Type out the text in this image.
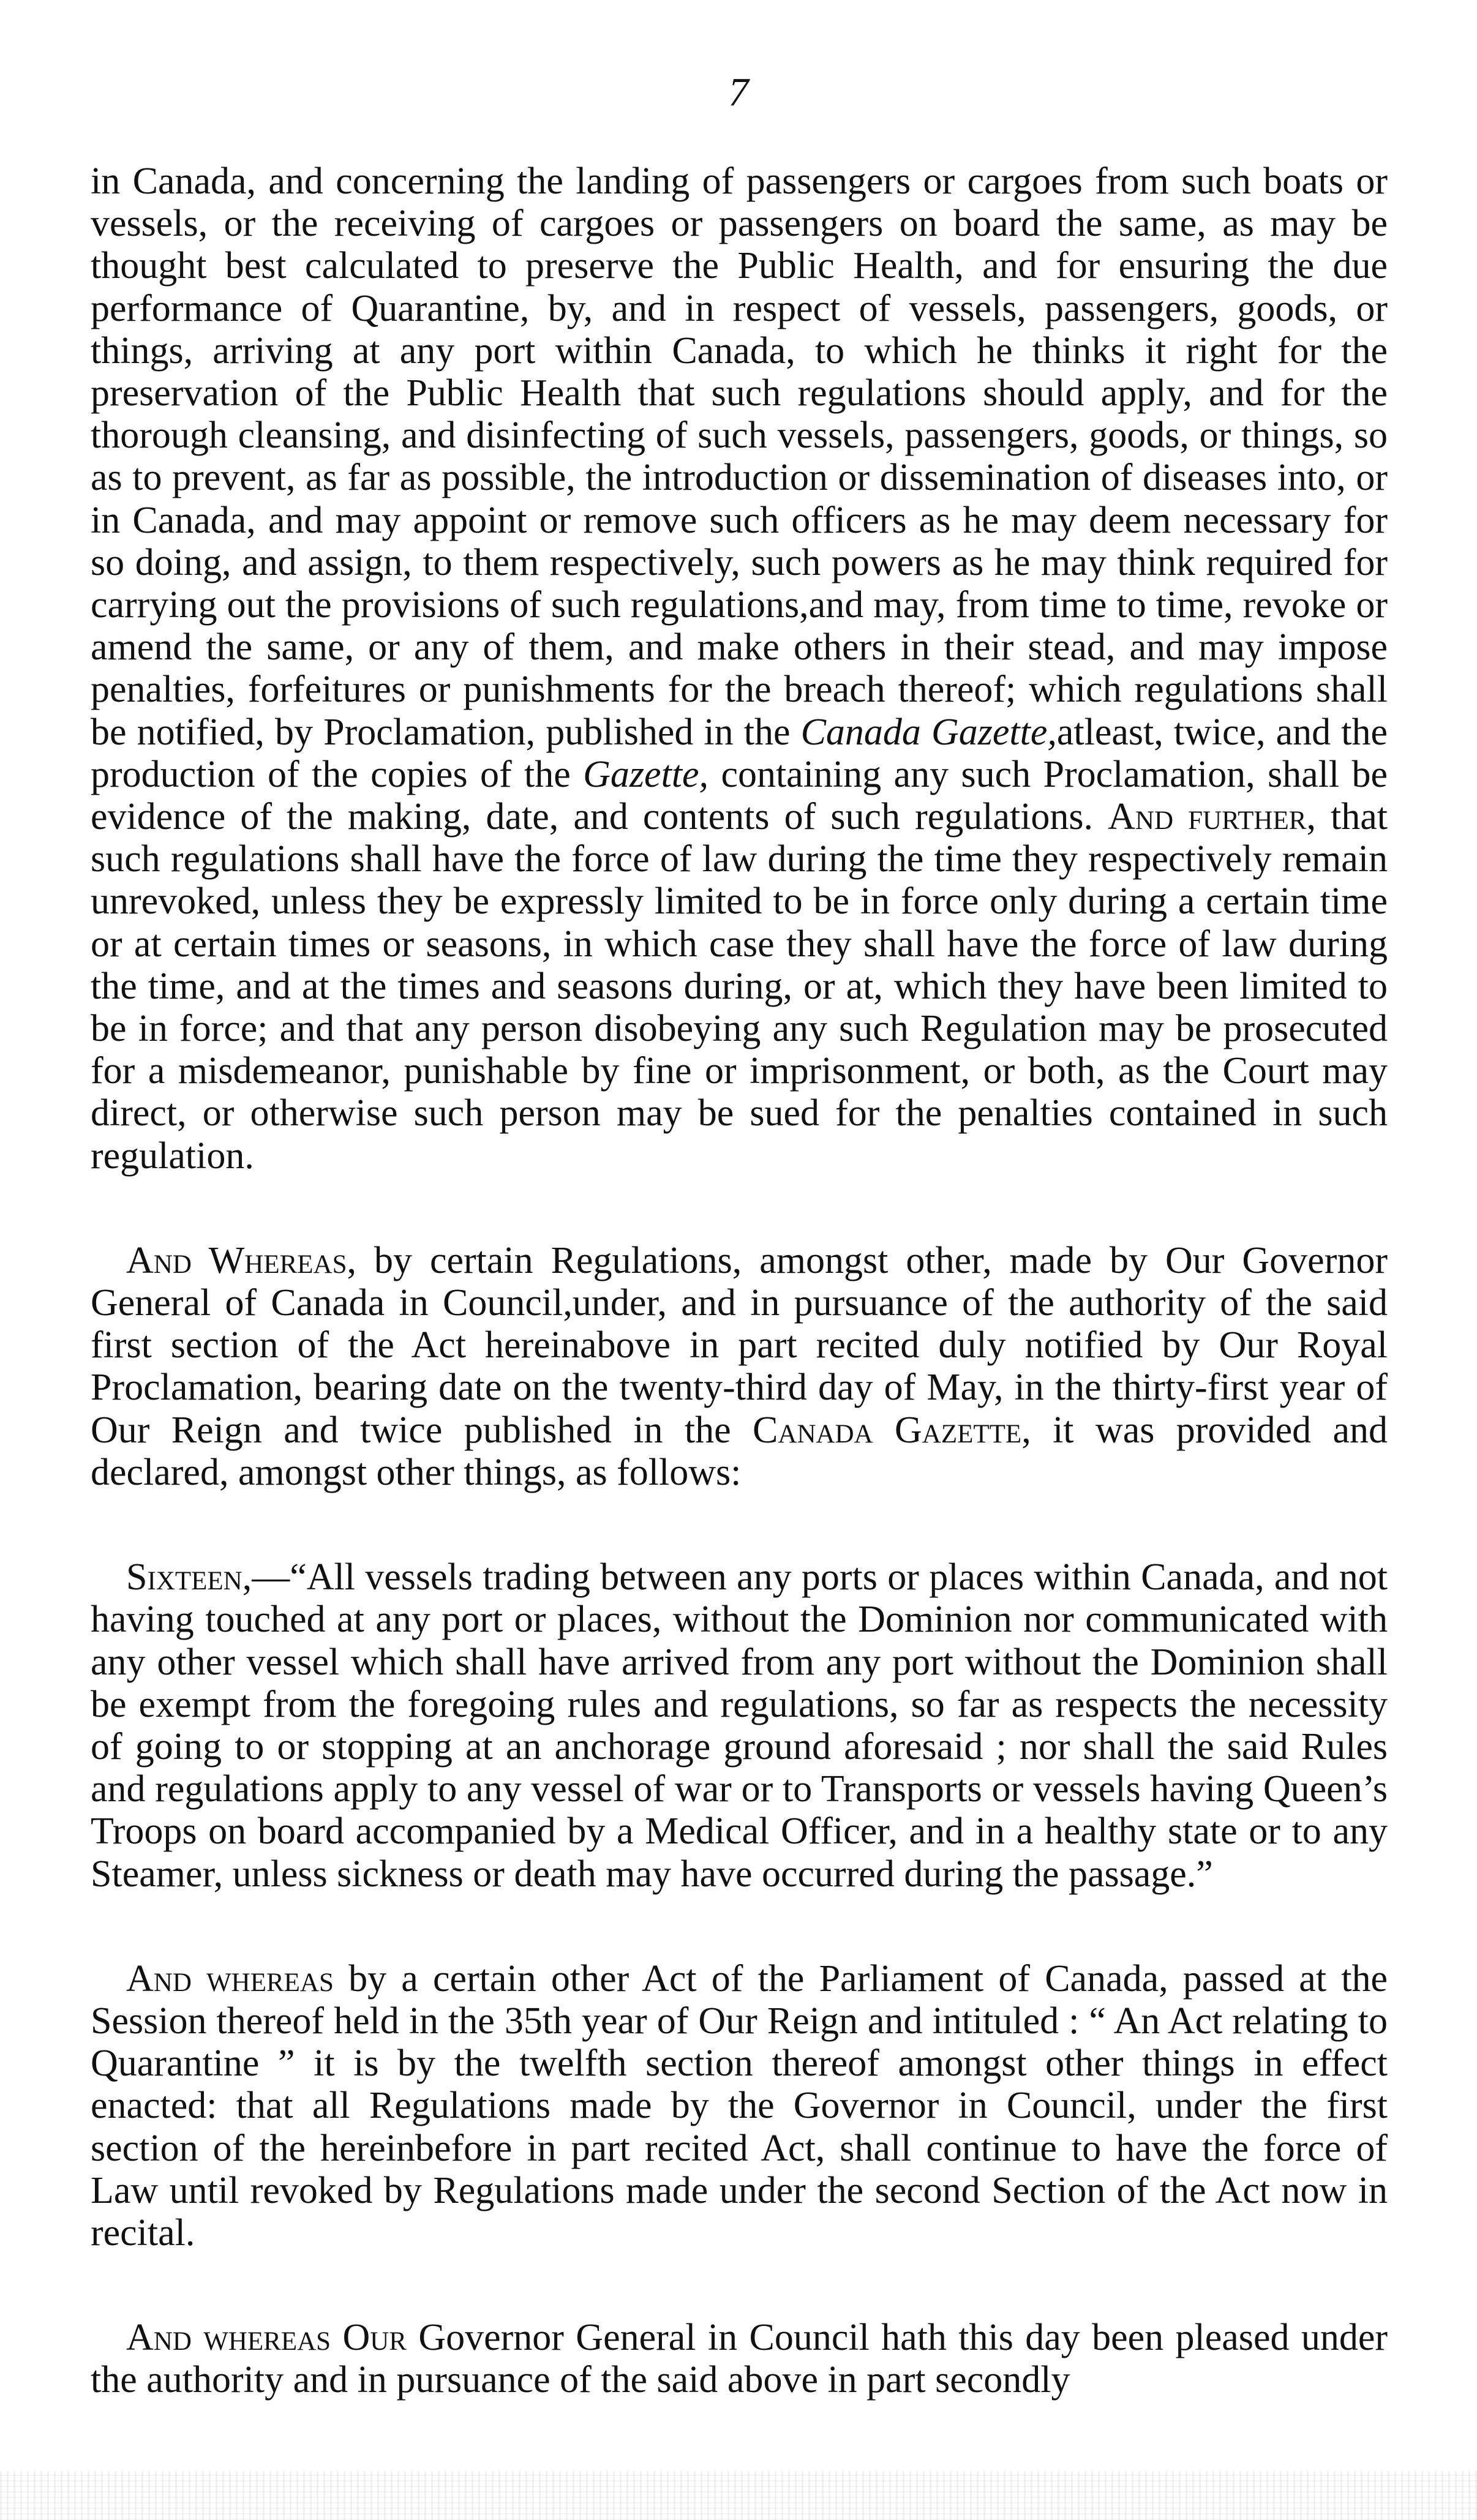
7

in Canada, and concerning the landing of passengers or cargoes from such boats or vessels, or the receiving of cargoes or passengers on board the same, as may be thought best calculated to preserve the Public Health, and for ensuring the due performance of Quarantine, by, and in respect of vessels, passengers, goods, or things, arriving at any port within Canada, to which he thinks it right for the preservation of the Public Health that such regulations should apply, and for the thorough cleansing, and disinfecting of such vessels, passengers, goods, or things, so as to prevent, as far as possible, the introduction or dissemination of diseases into, or in Canada, and may appoint or remove such officers as he may deem necessary for so doing, and assign, to them respectively, such powers as he may think required for carrying out the provisions of such regulations,and may, from time to time, revoke or amend the same, or any of them, and make others in their stead, and may impose penalties, forfeitures or punishments for the breach thereof; which regulations shall be notified, by Proclamation, published in the Canada Gazette,atleast, twice, and the production of the copies of the Gazette, containing any such Proclamation, shall be evidence of the making, date, and contents of such regulations. And further, that such regulations shall have the force of law during the time they respectively remain unrevoked, unless they be expressly limited to be in force only during a certain time or at certain times or seasons, in which case they shall have the force of law during the time, and at the times and seasons during, or at, which they have been limited to be in force; and that any person disobeying any such Regulation may be prosecuted for a misdemeanor, punishable by fine or imprisonment, or both, as the Court may direct, or otherwise such person may be sued for the penalties contained in such regulation.

And Whereas, by certain Regulations, amongst other, made by Our Governor General of Canada in Council,under, and in pursuance of the authority of the said first section of the Act hereinabove in part recited duly notified by Our Royal Proclamation, bearing date on the twenty-third day of May, in the thirty-first year of Our Reign and twice published in the Canada Gazette, it was provided and declared, amongst other things, as follows:

Sixteen,—“All vessels trading between any ports or places within Canada, and not having touched at any port or places, without the Dominion nor communicated with any other vessel which shall have arrived from any port without the Dominion shall be exempt from the foregoing rules and regulations, so far as respects the necessity of going to or stopping at an anchorage ground aforesaid ; nor shall the said Rules and regulations apply to any vessel of war or to Transports or vessels having Queen’s Troops on board accompanied by a Medical Officer, and in a healthy state or to any Steamer, unless sickness or death may have occurred during the passage.”

And whereas by a certain other Act of the Parliament of Canada, passed at the Session thereof held in the 35th year of Our Reign and intituled : “ An Act relating to Quarantine ” it is by the twelfth section thereof amongst other things in effect enacted: that all Regulations made by the Governor in Council, under the first section of the hereinbefore in part recited Act, shall continue to have the force of Law until revoked by Regulations made under the second Section of the Act now in recital.

And whereas Our Governor General in Council hath this day been pleased under the authority and in pursuance of the said above in part secondly
